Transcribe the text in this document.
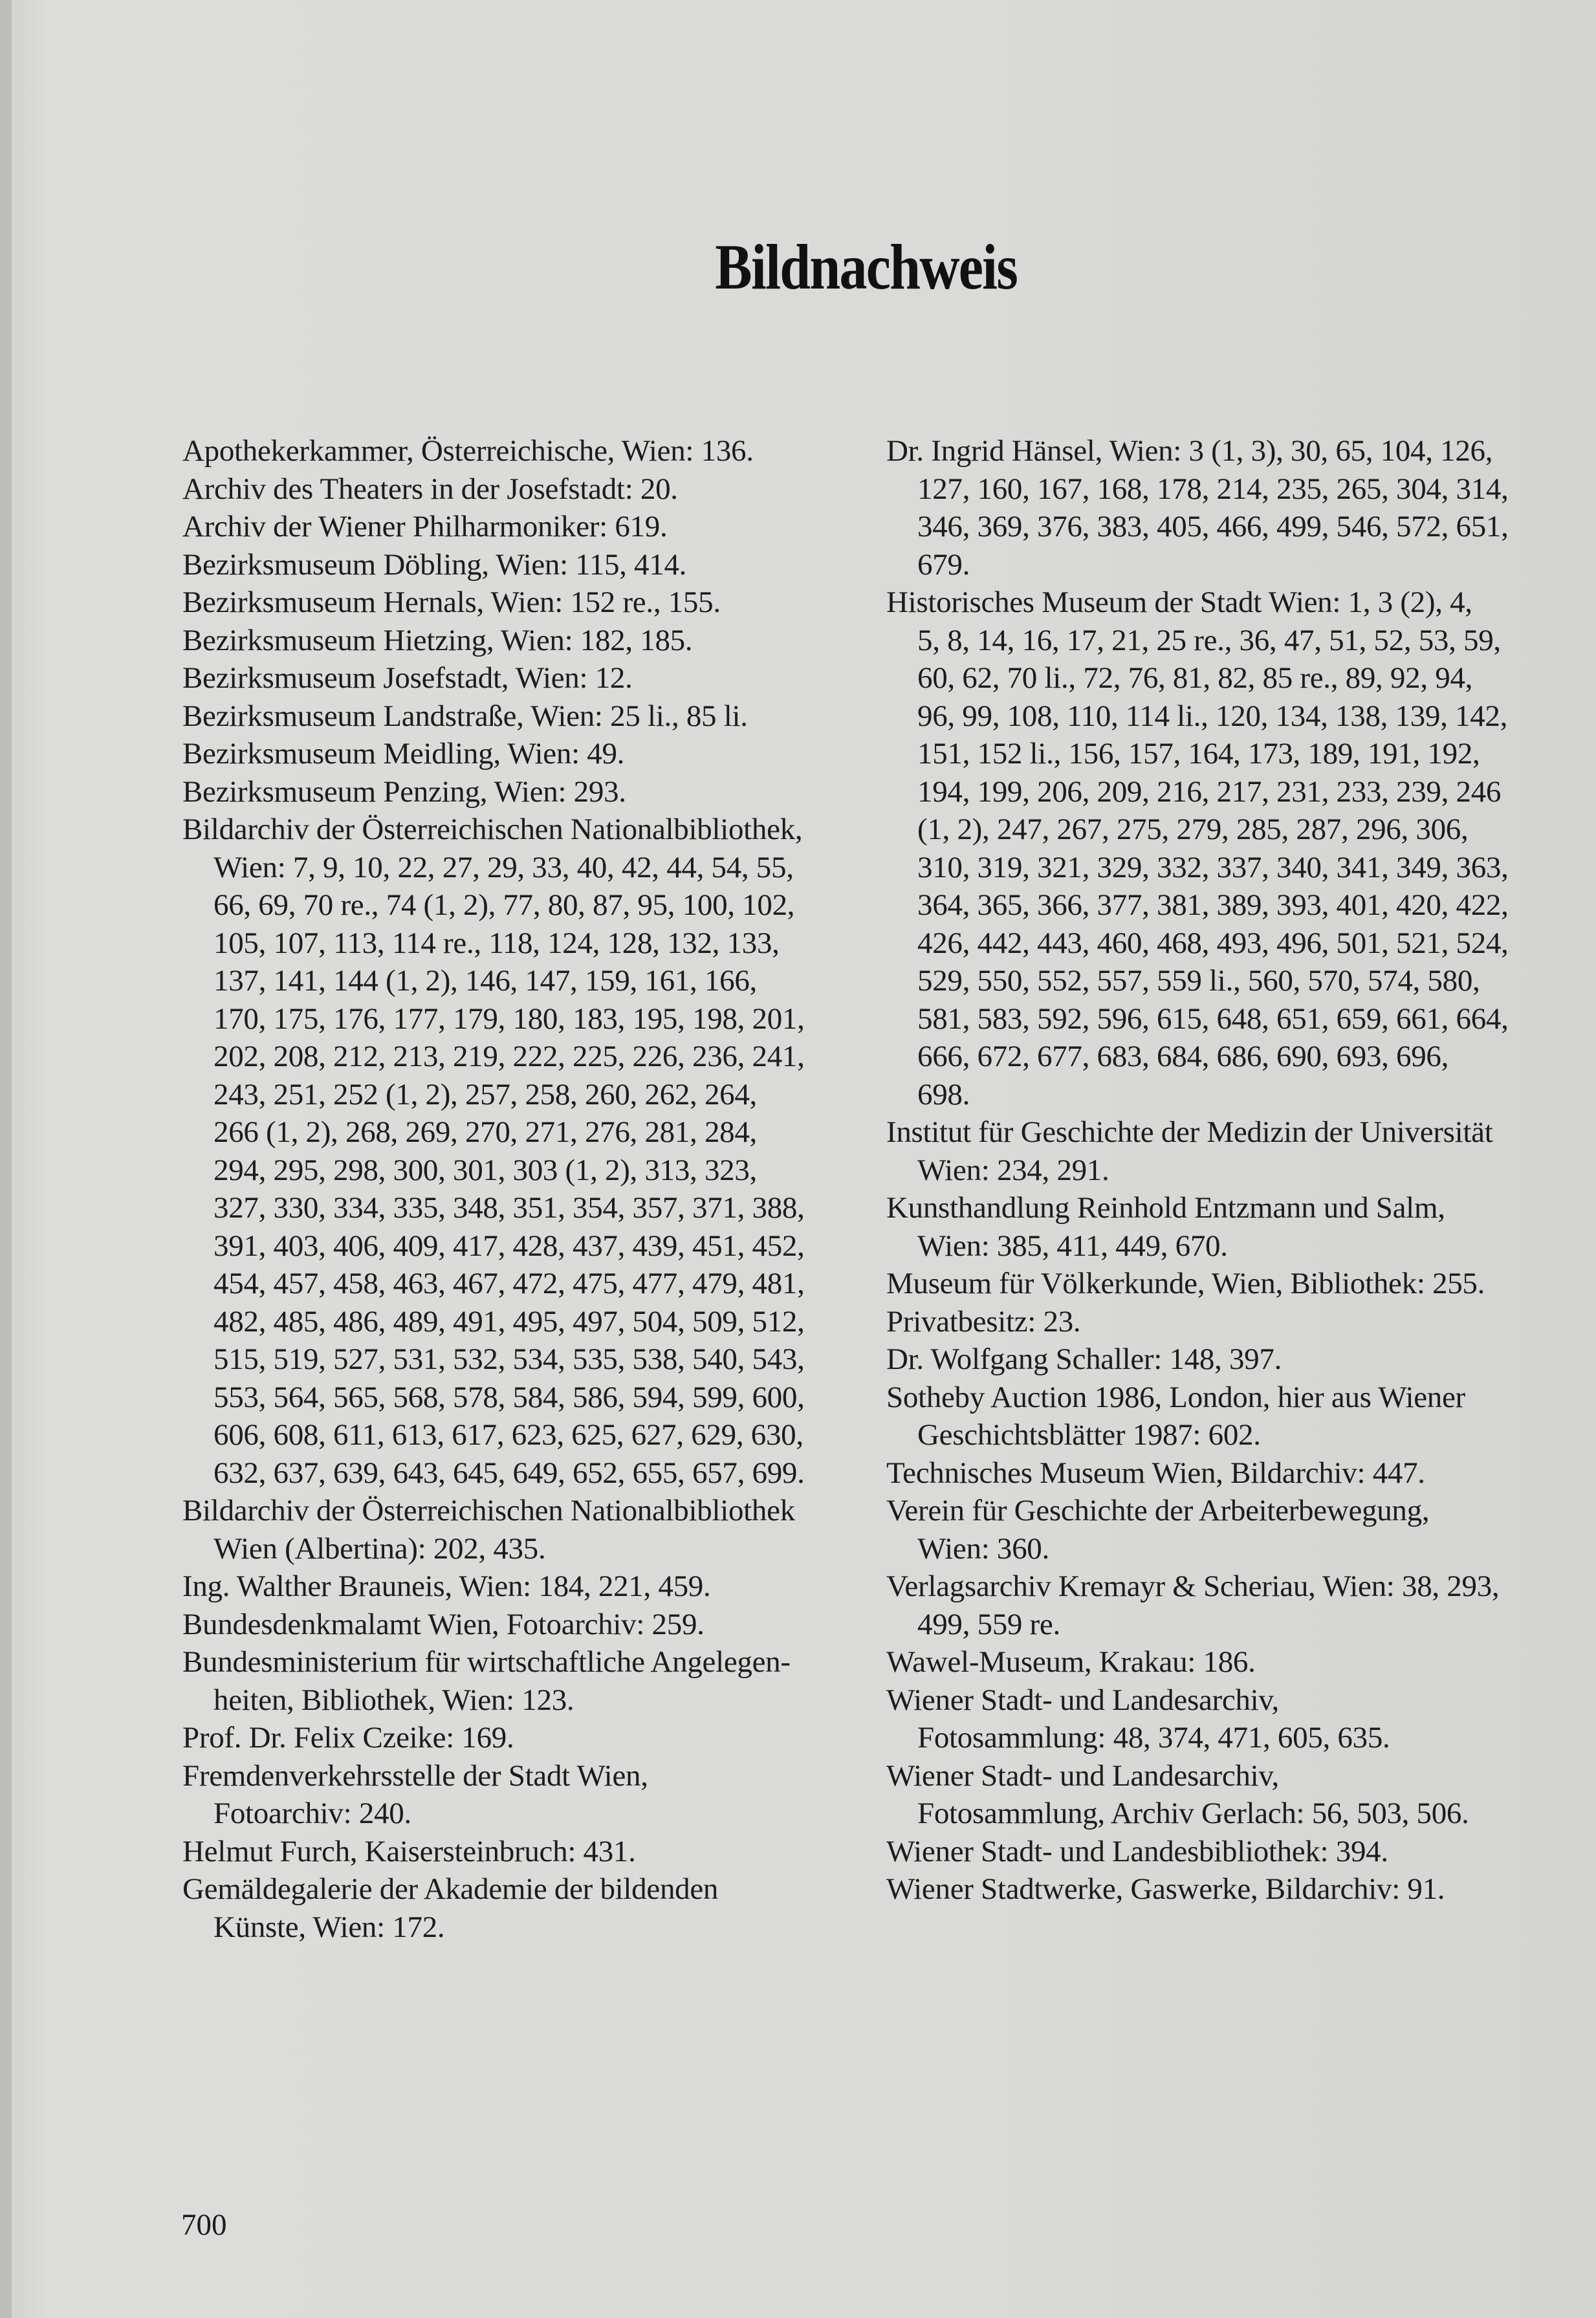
Bildnachweis
Apothekerkammer, Österreichische, Wien: 136.
Archiv des Theaters in der Josefstadt: 20.
Archiv der Wiener Philharmoniker: 619.
Bezirksmuseum Döbling, Wien: 115, 414.
Bezirksmuseum Hernals, Wien: 152 re., 155.
Bezirksmuseum Hietzing, Wien: 182, 185.
Bezirksmuseum Josefstadt, Wien: 12.
Bezirksmuseum Landstraße, Wien: 25 li., 85 li.
Bezirksmuseum Meidling, Wien: 49.
Bezirksmuseum Penzing, Wien: 293.
Bildarchiv der Österreichischen Nationalbibliothek,
Wien: 7, 9, 10, 22, 27, 29, 33, 40, 42, 44, 54, 55,
66, 69, 70 re., 74 (1, 2), 77, 80, 87, 95, 100, 102,
105, 107, 113, 114 re., 118, 124, 128, 132, 133,
137, 141, 144 (1, 2), 146, 147, 159, 161, 166,
170, 175, 176, 177, 179, 180, 183, 195, 198, 201,
202, 208, 212, 213, 219, 222, 225, 226, 236, 241,
243, 251, 252 (1, 2), 257, 258, 260, 262, 264,
266 (1, 2), 268, 269, 270, 271, 276, 281, 284,
294, 295, 298, 300, 301, 303 (1, 2), 313, 323,
327, 330, 334, 335, 348, 351, 354, 357, 371, 388,
391, 403, 406, 409, 417, 428, 437, 439, 451, 452,
454, 457, 458, 463, 467, 472, 475, 477, 479, 481,
482, 485, 486, 489, 491, 495, 497, 504, 509, 512,
515, 519, 527, 531, 532, 534, 535, 538, 540, 543,
553, 564, 565, 568, 578, 584, 586, 594, 599, 600,
606, 608, 611, 613, 617, 623, 625, 627, 629, 630,
632, 637, 639, 643, 645, 649, 652, 655, 657, 699.
Bildarchiv der Österreichischen Nationalbibliothek
Wien (Albertina): 202, 435.
Ing. Walther Brauneis, Wien: 184, 221, 459.
Bundesdenkmalamt Wien, Fotoarchiv: 259.
Bundesministerium für wirtschaftliche Angelegen-
heiten, Bibliothek, Wien: 123.
Prof. Dr. Felix Czeike: 169.
Fremdenverkehrsstelle der Stadt Wien,
Fotoarchiv: 240.
Helmut Furch, Kaisersteinbruch: 431.
Gemäldegalerie der Akademie der bildenden
Künste, Wien: 172.
Dr. Ingrid Hänsel, Wien: 3 (1, 3), 30, 65, 104, 126,
127, 160, 167, 168, 178, 214, 235, 265, 304, 314,
346, 369, 376, 383, 405, 466, 499, 546, 572, 651,
679.
Historisches Museum der Stadt Wien: 1, 3 (2), 4,
5, 8, 14, 16, 17, 21, 25 re., 36, 47, 51, 52, 53, 59,
60, 62, 70 li., 72, 76, 81, 82, 85 re., 89, 92, 94,
96, 99, 108, 110, 114 li., 120, 134, 138, 139, 142,
151, 152 li., 156, 157, 164, 173, 189, 191, 192,
194, 199, 206, 209, 216, 217, 231, 233, 239, 246
(1, 2), 247, 267, 275, 279, 285, 287, 296, 306,
310, 319, 321, 329, 332, 337, 340, 341, 349, 363,
364, 365, 366, 377, 381, 389, 393, 401, 420, 422,
426, 442, 443, 460, 468, 493, 496, 501, 521, 524,
529, 550, 552, 557, 559 li., 560, 570, 574, 580,
581, 583, 592, 596, 615, 648, 651, 659, 661, 664,
666, 672, 677, 683, 684, 686, 690, 693, 696,
698.
Institut für Geschichte der Medizin der Universität
Wien: 234, 291.
Kunsthandlung Reinhold Entzmann und Salm,
Wien: 385, 411, 449, 670.
Museum für Völkerkunde, Wien, Bibliothek: 255.
Privatbesitz: 23.
Dr. Wolfgang Schaller: 148, 397.
Sotheby Auction 1986, London, hier aus Wiener
Geschichtsblätter 1987: 602.
Technisches Museum Wien, Bildarchiv: 447.
Verein für Geschichte der Arbeiterbewegung,
Wien: 360.
Verlagsarchiv Kremayr & Scheriau, Wien: 38, 293,
499, 559 re.
Wawel-Museum, Krakau: 186.
Wiener Stadt- und Landesarchiv,
Fotosammlung: 48, 374, 471, 605, 635.
Wiener Stadt- und Landesarchiv,
Fotosammlung, Archiv Gerlach: 56, 503, 506.
Wiener Stadt- und Landesbibliothek: 394.
Wiener Stadtwerke, Gaswerke, Bildarchiv: 91.

700
